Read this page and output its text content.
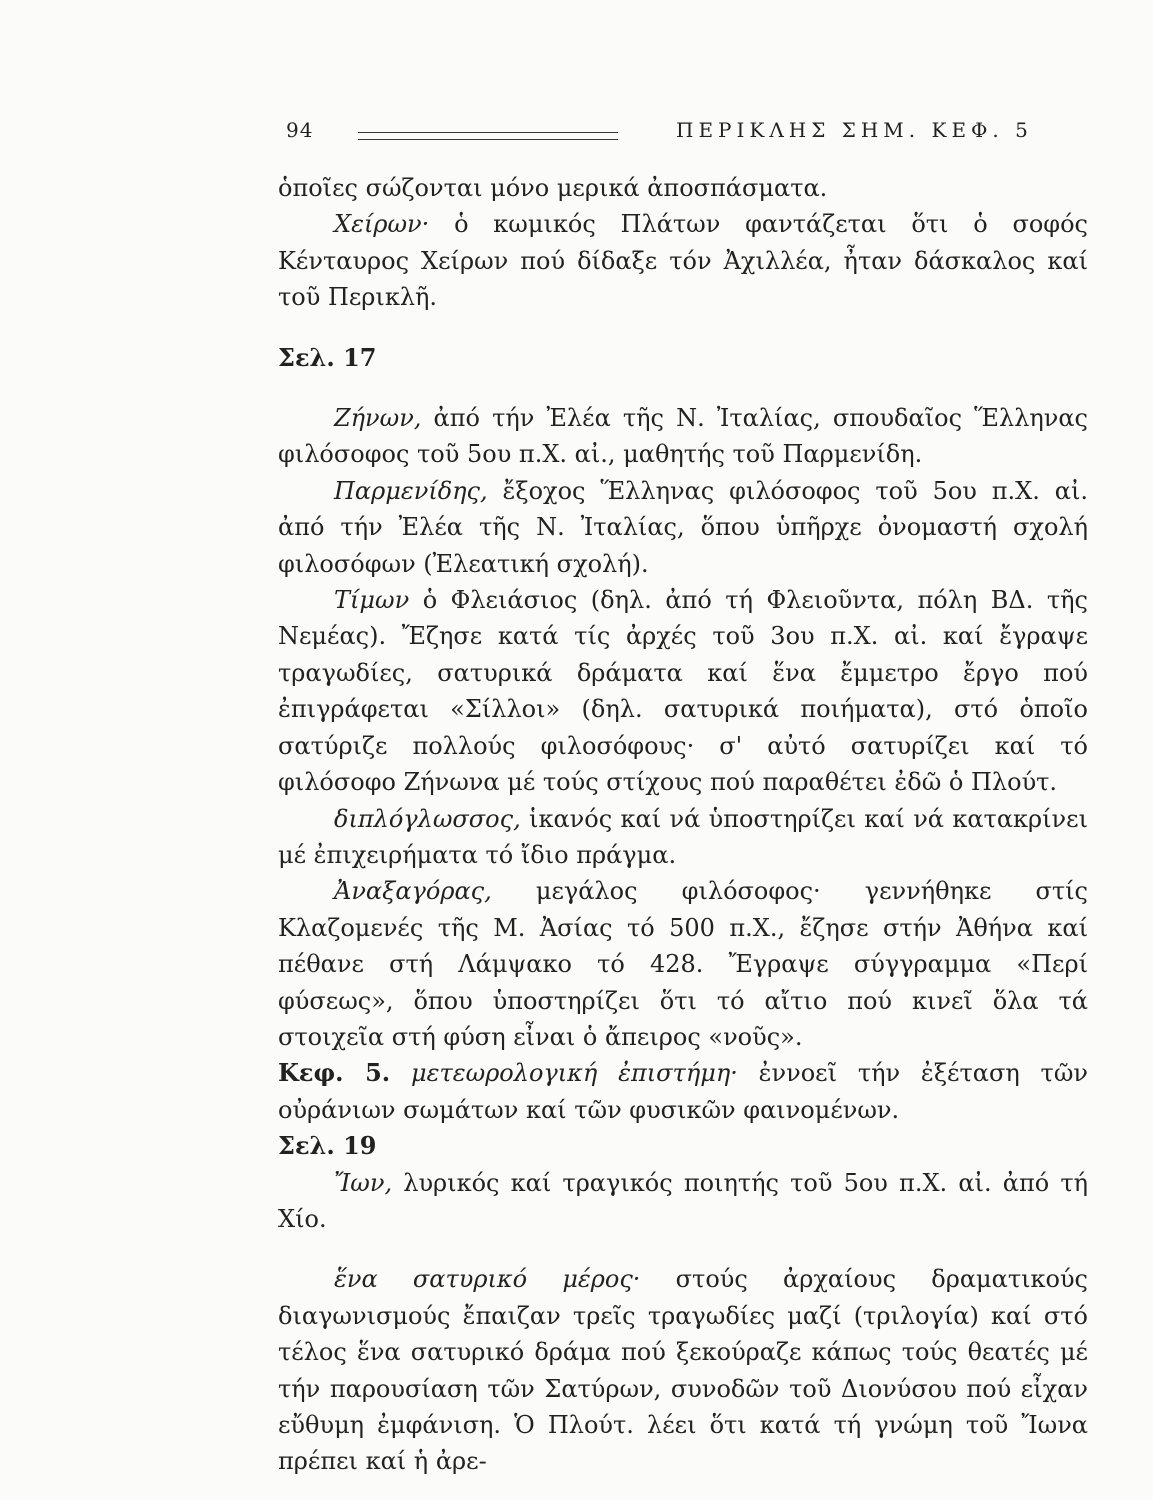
94	ΠΕΡΙΚΛΗΣ ΣΗΜ. ΚΕΦ. 5

ὁποῖες σώζονται μόνο μερικά ἀποσπάσματα.

Χείρων· ὁ κωμικός Πλάτων φαντάζεται ὅτι ὁ σοφός Κένταυρος Χείρων πού δίδαξε τόν Ἀχιλλέα, ἦταν δάσκαλος καί τοῦ Περικλῆ.

Σελ. 17

Ζήνων, ἀπό τήν Ἐλέα τῆς Ν. Ἰταλίας, σπουδαῖος Ἕλληνας φιλόσοφος τοῦ 5ου π.Χ. αἰ., μαθητής τοῦ Παρμενίδη.

Παρμενίδης, ἔξοχος Ἕλληνας φιλόσοφος τοῦ 5ου π.Χ. αἰ. ἀπό τήν Ἐλέα τῆς Ν. Ἰταλίας, ὅπου ὑπῆρχε ὀνομαστή σχολή φιλοσόφων (Ἐλεατική σχολή).

Τίμων ὁ Φλειάσιος (δηλ. ἀπό τή Φλειοῦντα, πόλη ΒΔ. τῆς Νεμέας). Ἔζησε κατά τίς ἀρχές τοῦ 3ου π.Χ. αἰ. καί ἔγραψε τραγωδίες, σατυρικά δράματα καί ἕνα ἔμμετρο ἔργο πού ἐπιγράφεται «Σίλλοι» (δηλ. σατυρικά ποιήματα), στό ὁποῖο σατύριζε πολλούς φιλοσόφους· σ' αὐτό σατυρίζει καί τό φιλόσοφο Ζήνωνα μέ τούς στίχους πού παραθέτει ἐδῶ ὁ Πλούτ.

διπλόγλωσσος, ἱκανός καί νά ὑποστηρίζει καί νά κατακρίνει μέ ἐπιχειρήματα τό ἴδιο πράγμα.

Ἀναξαγόρας, μεγάλος φιλόσοφος· γεννήθηκε στίς Κλαζομενές τῆς Μ. Ἀσίας τό 500 π.Χ., ἔζησε στήν Ἀθήνα καί πέθανε στή Λάμψακο τό 428. Ἔγραψε σύγγραμμα «Περί φύσεως», ὅπου ὑποστηρίζει ὅτι τό αἴτιο πού κινεῖ ὅλα τά στοιχεῖα στή φύση εἶναι ὁ ἄπειρος «νοῦς».

Κεφ. 5. μετεωρολογική ἐπιστήμη· ἐννοεῖ τήν ἐξέταση τῶν οὐράνιων σωμάτων καί τῶν φυσικῶν φαινομένων.

Σελ. 19

Ἴων, λυρικός καί τραγικός ποιητής τοῦ 5ου π.Χ. αἰ. ἀπό τή Χίο.

ἕνα σατυρικό μέρος· στούς ἀρχαίους δραματικούς διαγωνισμούς ἔπαιζαν τρεῖς τραγωδίες μαζί (τριλογία) καί στό τέλος ἕνα σατυρικό δράμα πού ξεκούραζε κάπως τούς θεατές μέ τήν παρουσίαση τῶν Σατύρων, συνοδῶν τοῦ Διονύσου πού εἶχαν εὔθυμη ἐμφάνιση. Ὁ Πλούτ. λέει ὅτι κατά τή γνώμη τοῦ Ἴωνα πρέπει καί ἡ ἀρε-
